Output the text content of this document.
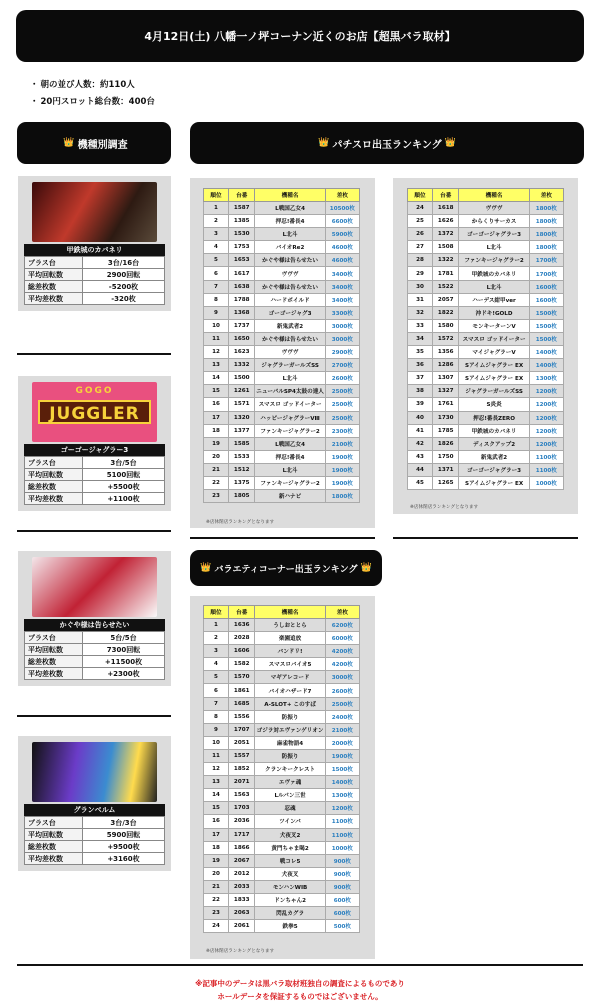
4月12日(土) 八幡一ノ坪コーナン近くのお店【超黒バラ取材】
・ 朝の並び人数：約110人
・ 20円スロット総台数：400台
👑 機種別調査	👑 パチスロ出玉ランキング 👑
甲鉄城のカバネリ
プラス台	3台/16台
平均回転数	2900回転
総差枚数	-5200枚
平均差枚数	-320枚
GOGO
JUGGLER
ゴーゴージャグラー3
プラス台	3台/5台
平均回転数	5100回転
総差枚数	+5500枚
平均差枚数	+1100枚
かぐや様は告らせたい
プラス台	5台/5台
平均回転数	7300回転
総差枚数	+11500枚
平均差枚数	+2300枚
グランベルム
プラス台	3台/3台
平均回転数	5900回転
総差枚数	+9500枚
平均差枚数	+3160枚
順位	台番	機種名	差枚
1	1587	L戦国乙女4	10500枚
2	1385	押忍!番長4	6600枚
3	1530	L北斗	5900枚
4	1753	バイオRe2	4600枚
5	1653	かぐや様は告らせたい	4600枚
6	1617	ヴヴヴ	3400枚
7	1638	かぐや様は告らせたい	3400枚
8	1788	ハードボイルド	3400枚
9	1368	ゴーゴージャグ3	3300枚
10	1737	新鬼武者2	3000枚
11	1650	かぐや様は告らせたい	3000枚
12	1623	ヴヴヴ	2900枚
13	1332	ジャグラーガールズSS	2700枚
14	1500	L北斗	2600枚
15	1261	ニューパルSP4太鼓の達人	2500枚
16	1571	スマスロ ゴッドイーター	2500枚
17	1320	ハッピージャグラーVⅢ	2500枚
18	1377	ファンキージャグラー2	2300枚
19	1585	L戦国乙女4	2100枚
20	1533	押忍!番長4	1900枚
21	1512	L北斗	1900枚
22	1375	ファンキージャグラー2	1900枚
23	1805	新ハナビ	1800枚
※店休閉店ランキングとなります
順位	台番	機種名	差枚
24	1618	ヴヴヴ	1800枚
25	1626	からくりサーカス	1800枚
26	1372	ゴーゴージャグラー3	1800枚
27	1508	L北斗	1800枚
28	1322	ファンキージャグラー2	1700枚
29	1781	甲鉄城のカバネリ	1700枚
30	1522	L北斗	1600枚
31	2057	ハーデス紺甲ver	1600枚
32	1822	沖ドキ!GOLD	1500枚
33	1580	モンキーターンV	1500枚
34	1572	スマスロ ゴッドイーター	1500枚
35	1356	マイジャグラーV	1400枚
36	1286	Sアイムジャグラー EX	1400枚
37	1307	Sアイムジャグラー EX	1300枚
38	1327	ジャグラーガールズSS	1200枚
39	1761	S炎炎	1200枚
40	1730	押忍!番長ZERO	1200枚
41	1785	甲鉄城のカバネリ	1200枚
42	1826	ディスクアップ2	1200枚
43	1750	新鬼武者2	1100枚
44	1371	ゴーゴージャグラー3	1100枚
45	1265	Sアイムジャグラー EX	1000枚
※店休閉店ランキングとなります
👑 バラエティコーナー出玉ランキング 👑
順位	台番	機種名	差枚
1	1636	うしおととら	6200枚
2	2028	楽園追放	6000枚
3	1606	バンドリ!	4200枚
4	1582	スマスロバイオ5	4200枚
5	1570	マギアレコード	3000枚
6	1861	バイオハザード7	2600枚
7	1685	A-SLOT+ このすば	2500枚
8	1556	防振り	2400枚
9	1707	ゴジラ対エヴァンゲリオン	2100枚
10	2051	麻雀物語4	2000枚
11	1557	防振り	1900枚
12	1852	クランキークレスト	1500枚
13	2071	エヴァ魂	1400枚
14	1563	Lルパン三世	1300枚
15	1703	忍魂	1200枚
16	2036	ツインバ	1100枚
17	1717	犬夜叉2	1100枚
18	1866	黄門ちゃま喝2	1000枚
19	2067	戦コレ5	900枚
20	2012	犬夜叉	900枚
21	2033	モンハンWIB	900枚
22	1833	ドンちゃん2	600枚
23	2063	閃乱カグラ	600枚
24	2061	鉄拳5	500枚
※店休閉店ランキングとなります
※記事中のデータは黒バラ取材班独自の調査によるものであり
ホールデータを保証するものではございません。
